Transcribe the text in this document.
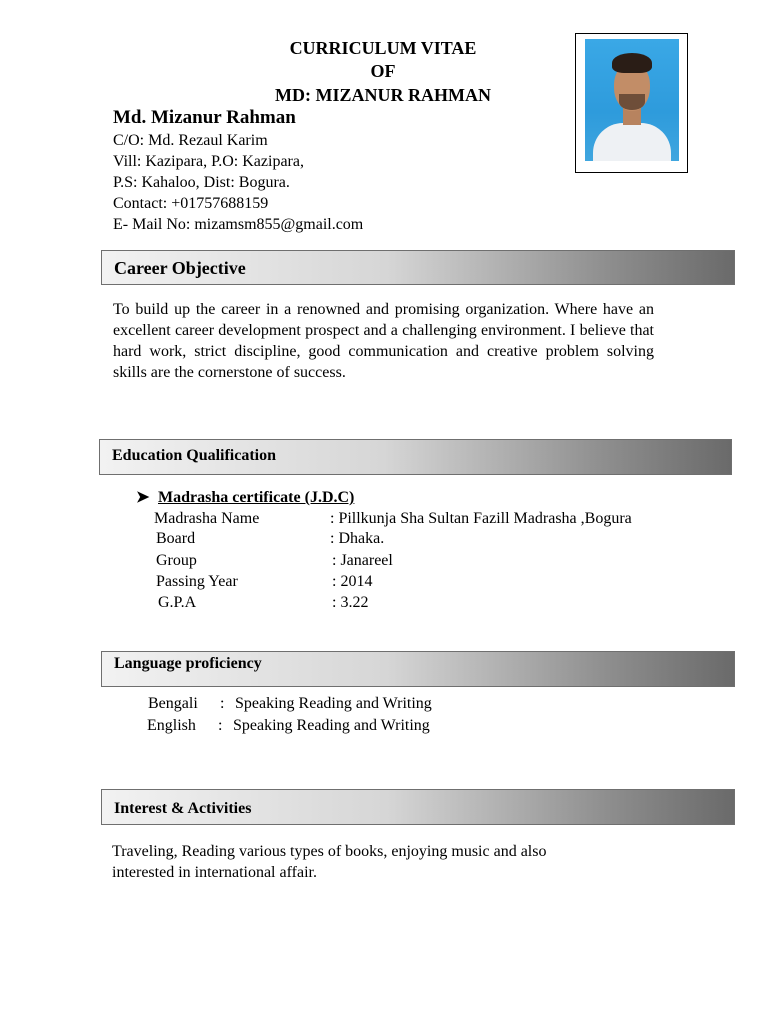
CURRICULUM VITAE
OF
MD: MIZANUR RAHMAN
Md. Mizanur Rahman
C/O: Md. Rezaul Karim
Vill: Kazipara, P.O: Kazipara,
P.S: Kahaloo, Dist: Bogura.
Contact: +01757688159
E- Mail No: mizamsm855@gmail.com
Career Objective
To build up the career in a renowned and promising organization. Where have an excellent career development prospect and a challenging environment. I believe that hard work, strict discipline, good communication and creative problem solving skills are the cornerstone of success.
Education Qualification
➤ Madrasha certificate (J.D.C)
Madrasha Name	: Pillkunja Sha Sultan Fazill Madrasha ,Bogura
Board	: Dhaka.
Group	: Janareel
Passing Year	: 2014
G.P.A	: 3.22
Language proficiency
Bengali : Speaking Reading and Writing
English : Speaking Reading and Writing
Interest & Activities
Traveling, Reading various types of books, enjoying music and also interested in international affair.
